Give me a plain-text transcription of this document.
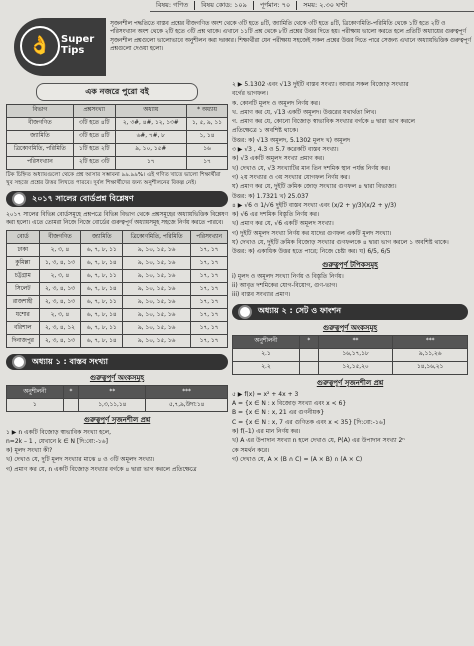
বিষয়: গণিত বিষয় কোড: ১০৯ পূর্ণমান: ৭০ সময়: ২.৩০ ঘণ্টা
👌 Super
Tips
সৃজনশীল পদ্ধতিতে বাস্তব প্রশ্নের বীজগণিত অংশ থেকে ৩টি হতে ৪টি, জ্যামিতি থেকে ৩টি হতে ৪টি, ত্রিকোণমিতি-পরিমিতি থেকে ১টি হতে ২টি ও পরিসংখ্যান অংশ থেকে ২টি হতে ৩টি প্রশ্ন থাকে। এখানে ১১টি প্রশ্ন থেকে ৮টি প্রশ্নের উত্তর দিতে হয়। পরীক্ষায় ভালো করতে হলে প্রতিটি অধ্যায়ের গুরুত্বপূর্ণ সৃজনশীল প্রশ্নগুলো ভালোভাবে অনুশীলন করা দরকার। শিক্ষার্থীরা যেন পরীক্ষায় সহজেই সকল প্রশ্নের উত্তর দিতে পারে সেজন্য এখানে অধ্যায়ভিত্তিক গুরুত্বপূর্ণ প্রশ্নগুলো দেওয়া হলো।
এক নজরে পুরো বই
বিভাগ	প্রশ্নসংখ্যা	অধ্যায়	* অধ্যায়
বীজগণিত	৩টি হতে ৪টি	২, ৩#, ৪#, ১২, ১৩#	১, ৫, ৯, ১১
জ্যামিতি	৩টি হতে ৪টি	৬#, ৭#, ৮	১, ১৪
ত্রিকোণমিতি, পরিমিতি	১টি হতে ২টি	৯, ১০, ১৫#	১৬
পরিসংখ্যান	২টি হতে ৩টি	১৭	১৭
টিক চিহ্নিত অধ্যায়গুলো থেকে প্রশ্ন আসার সম্ভাবনা ৯৯.৯৯%। এই গণিত খাতে ভালো শিক্ষার্থীরা খুব সহজে প্রশ্নের উত্তর লিখতে পারবে। দুর্বল শিক্ষার্থীদের জন্য অনুশীলনের বিকল্প নেই।
২০১৭ সালের বোর্ডপ্রশ্ন বিশ্লেষণ
২০১৭ সালের বিভিন্ন বোর্ডসমূহে প্রশ্নপত্রে বিভিন্ন বিভাগ থেকে প্রশ্নসমূহের অধ্যায়ভিত্তিক বিশ্লেষণ করা হলো। এতে তোমরা নিজে নিজে বোর্ডের গুরুত্বপূর্ণ অধ্যায়সমূহ সহজে নির্ণয় করতে পারবে।
বোর্ড	বীজগণিত	জ্যামিতি	ত্রিকোণমিতি, পরিমিতি	পরিসংখ্যান
ঢাকা	২, ৩, ৪	৬, ৭, ৮, ১১	৯, ১০, ১৫, ১৬	১৭, ১৭
কুমিল্লা	১, ৩, ৪, ১৩	৬, ৭, ৮, ১৪	৯, ১০, ১৫, ১৬	১৭, ১৭
চট্টগ্রাম	২, ৩, ৪	৬, ৭, ৮, ১১	৯, ১০, ১৫, ১৬	১৭, ১৭
সিলেট	২, ৩, ৪, ১৩	৬, ৭, ৮, ১৪	৯, ১০, ১৫, ১৬	১৭, ১৭
রাজশাহী	২, ৩, ৪, ১৩	৬, ৭, ৮, ১১	৯, ১০, ১৫, ১৬	১৭, ১৭
যশোর	২, ৩, ৪	৬, ৭, ৮, ১৪	৯, ১০, ১৫, ১৬	১৭, ১৭
বরিশাল	২, ৩, ৪, ১২	৬, ৭, ৮, ১১	৯, ১০, ১৫, ১৬	১৭, ১৭
দিনাজপুর	২, ৩, ৪, ১৩	৬, ৭, ৮, ১৪	৯, ১০, ১৫, ১৬	১৭, ১৭
অধ্যায় ১ : বাস্তব সংখ্যা
গুরুত্বপূর্ণ অংকসমূহ
অনুশীলনী	*	**	***
১		১,৩,১১,১৪	৫,৭,৯,উদা:১৪
গুরুত্বপূর্ণ সৃজনশীল প্রশ্ন
১ ▶ n একটি বিজোড় স্বাভাবিক সংখ্যা হলে,
n=2k – 1 , যেখানে k ∈ N [দি:বো:-১৬]
ক) মূলদ সংখ্যা কী?
খ) দেখাও যে, দুটি মূলদ সংখ্যার মাঝে ৪ ও ৩টি অমূলদ সংখ্যা।
গ) প্রমাণ কর যে, n একটি বিজোড় সংখ্যার বর্গকে ৪ দ্বারা ভাগ করলে প্রতিক্ষেত্রে
২ ▶ 5.1302 এবং √13 দুইটি বাস্তব সংখ্যা। আবার সকল বিজোড় সংখ্যার
বর্গের ভাগফল।
ক. কোনটি মূলদ ও অমূলদ নির্ণয় কর।
খ. প্রমাণ কর যে, √13 একটি অমূলদ। উত্তরের যথার্থতা লিখ।
গ. প্রমাণ কর যে, কোনো বিজোড় স্বাভাবিক সংখ্যার বর্গকে ৪ দ্বারা ভাগ করলে
প্রতিক্ষেত্রে ১ অবশিষ্ট থাকে।
উত্তর: ক) √13 অমূলদ, 5.1302 মূলদ খ) অমূলদ
৩ ▶ √3 , 4.3 ও 5.7 করেকটি বাস্তব সংখ্যা।
ক) √3 একটি অমূলদ সংখ্যা প্রমাণ কর।
খ) দেখাও যে, √3 সংখ্যাটির মান তিন দশমিক স্থান পর্যন্ত নির্ণয় কর।
গ) ২য় সংখ্যার ও ৩য় সংখ্যার যোগফল নির্ণয় কর।
ঘ) প্রমাণ কর যে, দুইটি ক্রমিক জোড় সংখ্যার গুণফল ৪ দ্বারা বিভাজ্য।
উত্তর: ক) 1.7321 খ) 25.037
৪ ▶ √6 ও 1/√6 দুইটি বাস্তব সংখ্যা এবং (x/2 + y/3)(x/2 + y/3)
ক) √6 এর দশমিক বিস্তৃতি নির্ণয় কর।
খ) প্রমাণ কর যে, √6 একটি অমূলদ সংখ্যা।
গ) দুইটি অমূলদ সংখ্যা নির্ণয় কর যাদের গুণফল একটি মূলদ সংখ্যা।
ঘ) দেখাও যে, দুইটি ক্রমিক বিজোড় সংখ্যার গুণফলকে ৪ দ্বারা ভাগ করলে ১ অবশিষ্ট থাকে।
উত্তর: ক) একাধিক উত্তর হতে পারে; নিজে চেষ্টা কর। ঘ) 6/5, 6/5
গুরুত্বপূর্ণ টপিকসমূহ
i) মূলদ ও অমূলদ সংখ্যা নির্ণয় ও বিস্তৃতি নির্ণয়।
ii) আবৃত দশমিকের যোগ-বিয়োগ, গুণ-ভাগ।
iii) বাস্তব সংখ্যার প্রমাণ।
অধ্যায় ২ : সেট ও ফাংশন
গুরুত্বপূর্ণ অংকসমূহ
অনুশীলনী	*	**	***
২.১		১৬,১৭,১৮	৯,১১,২৬
২.২		১২,১৫,২০	১৪,১৬,২১
গুরুত্বপূর্ণ সৃজনশীল প্রশ্ন
৫ ▶ f(x) = x² + 4x + 3
A = {x ∈ N : x বিজোড় সংখ্যা এবং x < 6}
B = {x ∈ N : x, 21 এর গুণনীয়ক}
C = {x ∈ N : x, 7 এর গুণিতক এবং x < 35} [দি:বো:-১৬]
ক) f(–1) এর মান নির্ণয় কর।
খ) A এর উপাদান সংখ্যা n হলে দেখাও যে, P(A) এর উপাদান সংখ্যা 2ⁿ
কে সমর্থন করে।
গ) দেখাও যে, A × (B ∩ C) = (A × B) ∩ (A × C)
